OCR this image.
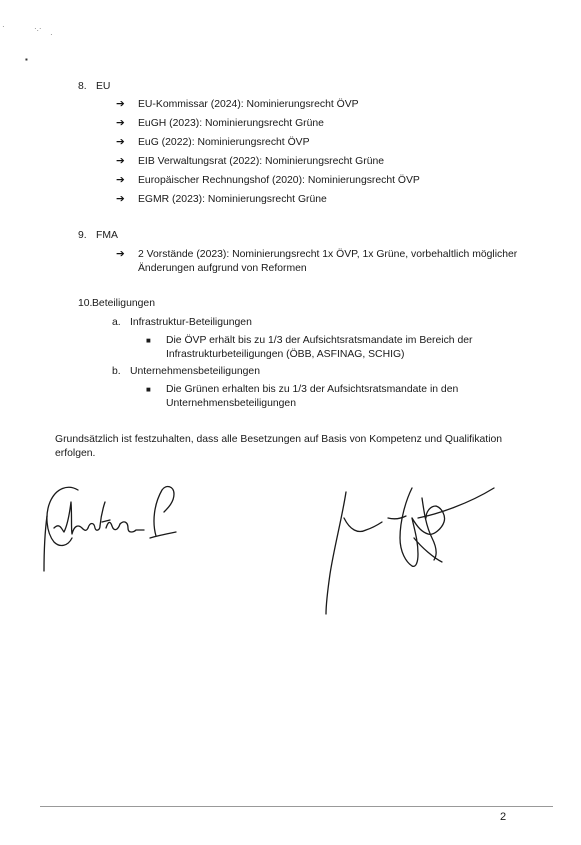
·	·.·
·
▪
8. EU
➔ EU-Kommissar (2024): Nominierungsrecht ÖVP
➔ EuGH (2023): Nominierungsrecht Grüne
➔ EuG (2022): Nominierungsrecht ÖVP
➔ EIB Verwaltungsrat (2022): Nominierungsrecht Grüne
➔ Europäischer Rechnungshof (2020): Nominierungsrecht ÖVP
➔ EGMR (2023): Nominierungsrecht Grüne
9. FMA
➔ 2 Vorstände (2023): Nominierungsrecht 1x ÖVP, 1x Grüne, vorbehaltlich möglicher
Änderungen aufgrund von Reformen
10. Beteiligungen
a. Infrastruktur-Beteiligungen
■ Die ÖVP erhält bis zu 1/3 der Aufsichtsratsmandate im Bereich der
Infrastrukturbeteiligungen (ÖBB, ASFINAG, SCHIG)
b. Unternehmensbeteiligungen
■ Die Grünen erhalten bis zu 1/3 der Aufsichtsratsmandate in den
Unternehmensbeteiligungen
Grundsätzlich ist festzuhalten, dass alle Besetzungen auf Basis von Kompetenz und Qualifikation
erfolgen.
2
